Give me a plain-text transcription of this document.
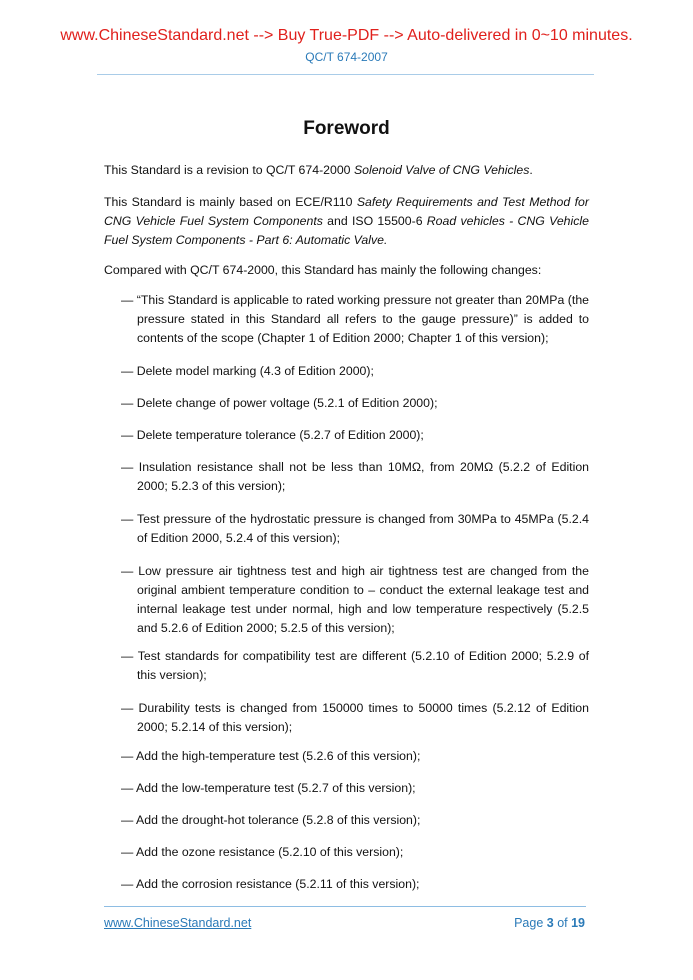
www.ChineseStandard.net --> Buy True-PDF --> Auto-delivered in 0~10 minutes.
QC/T 674-2007
Foreword
This Standard is a revision to QC/T 674-2000 Solenoid Valve of CNG Vehicles.
This Standard is mainly based on ECE/R110 Safety Requirements and Test Method for CNG Vehicle Fuel System Components and ISO 15500-6 Road vehicles - CNG Vehicle Fuel System Components - Part 6: Automatic Valve.
Compared with QC/T 674-2000, this Standard has mainly the following changes:
— “This Standard is applicable to rated working pressure not greater than 20MPa (the pressure stated in this Standard all refers to the gauge pressure)” is added to contents of the scope (Chapter 1 of Edition 2000; Chapter 1 of this version);
— Delete model marking (4.3 of Edition 2000);
— Delete change of power voltage (5.2.1 of Edition 2000);
— Delete temperature tolerance (5.2.7 of Edition 2000);
— Insulation resistance shall not be less than 10MΩ, from 20MΩ (5.2.2 of Edition 2000; 5.2.3 of this version);
— Test pressure of the hydrostatic pressure is changed from 30MPa to 45MPa (5.2.4 of Edition 2000, 5.2.4 of this version);
— Low pressure air tightness test and high air tightness test are changed from the original ambient temperature condition to – conduct the external leakage test and internal leakage test under normal, high and low temperature respectively (5.2.5 and 5.2.6 of Edition 2000; 5.2.5 of this version);
— Test standards for compatibility test are different (5.2.10 of Edition 2000; 5.2.9 of this version);
— Durability tests is changed from 150000 times to 50000 times (5.2.12 of Edition 2000; 5.2.14 of this version);
— Add the high-temperature test (5.2.6 of this version);
— Add the low-temperature test (5.2.7 of this version);
— Add the drought-hot tolerance (5.2.8 of this version);
— Add the ozone resistance (5.2.10 of this version);
— Add the corrosion resistance (5.2.11 of this version);
www.ChineseStandard.net	Page 3 of 19
